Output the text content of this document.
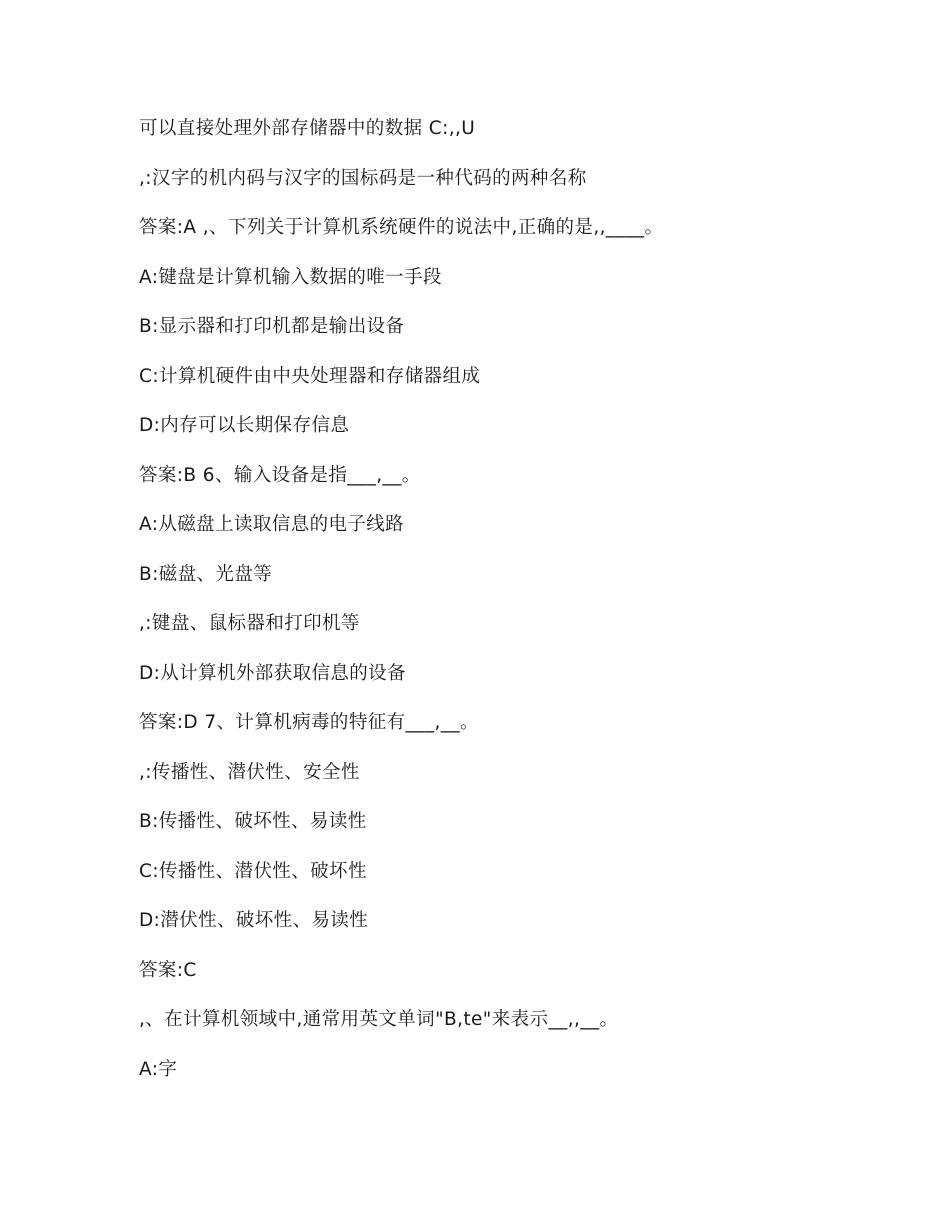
可以直接处理外部存储器中的数据 C:,,U
,:汉字的机内码与汉字的国标码是一种代码的两种名称
答案:A ,、下列关于计算机系统硬件的说法中,正确的是,,____。
A:键盘是计算机输入数据的唯一手段
B:显示器和打印机都是输出设备
C:计算机硬件由中央处理器和存储器组成
D:内存可以长期保存信息
答案:B 6、输入设备是指___,__。
A:从磁盘上读取信息的电子线路
B:磁盘、光盘等
,:键盘、鼠标器和打印机等
D:从计算机外部获取信息的设备
答案:D 7、计算机病毒的特征有___,__。
,:传播性、潜伏性、安全性
B:传播性、破坏性、易读性
C:传播性、潜伏性、破坏性
D:潜伏性、破坏性、易读性
答案:C
,、在计算机领域中,通常用英文单词"B,te"来表示__,,__。
A:字
